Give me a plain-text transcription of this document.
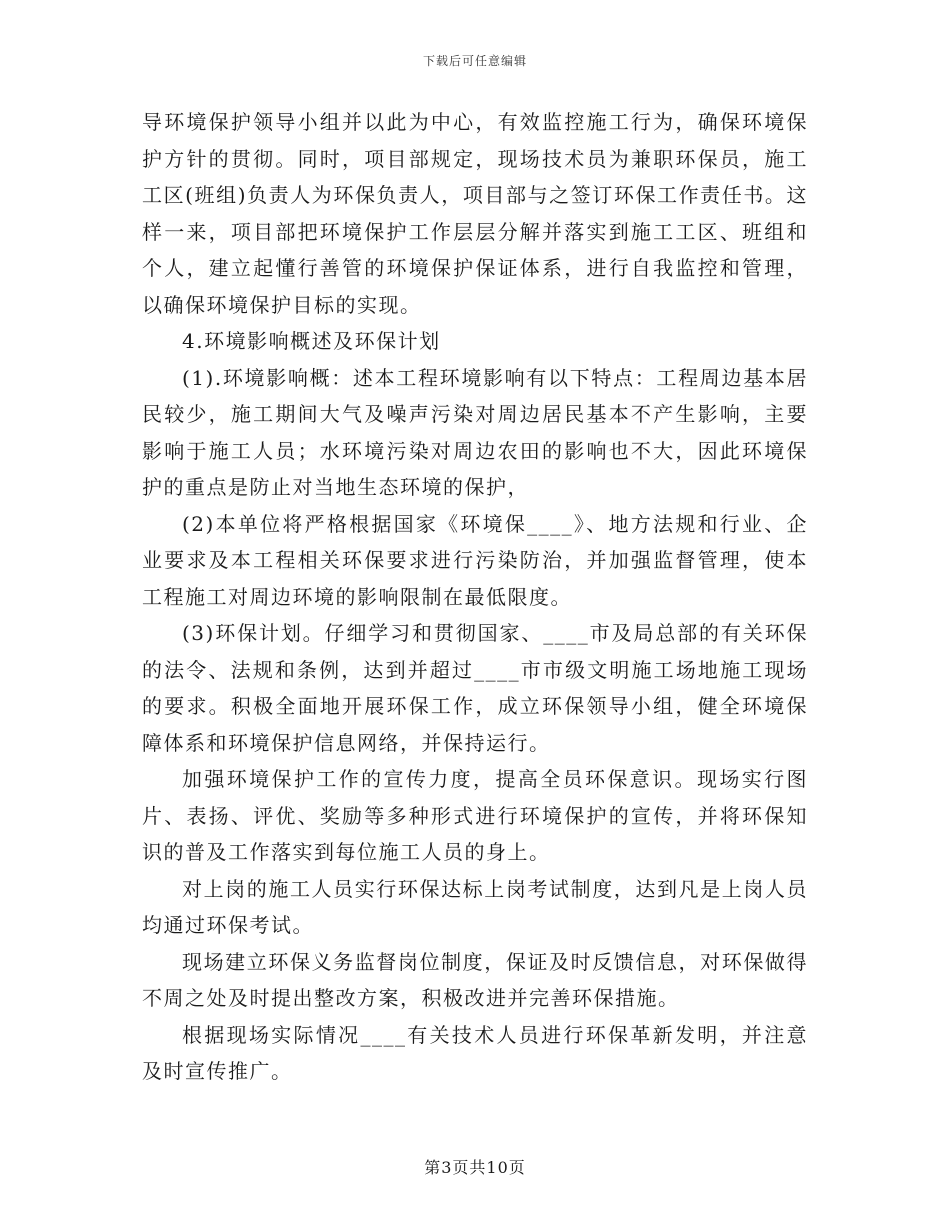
下载后可任意编辑

导环境保护领导小组并以此为中心，有效监控施工行为，确保环境保护方针的贯彻。同时，项目部规定，现场技术员为兼职环保员，施工工区(班组)负责人为环保负责人，项目部与之签订环保工作责任书。这样一来，项目部把环境保护工作层层分解并落实到施工工区、班组和个人，建立起懂行善管的环境保护保证体系，进行自我监控和管理，以确保环境保护目标的实现。

4.环境影响概述及环保计划

(1).环境影响概：述本工程环境影响有以下特点：工程周边基本居民较少，施工期间大气及噪声污染对周边居民基本不产生影响，主要影响于施工人员；水环境污染对周边农田的影响也不大，因此环境保护的重点是防止对当地生态环境的保护，

(2)本单位将严格根据国家《环境保____》、地方法规和行业、企业要求及本工程相关环保要求进行污染防治，并加强监督管理，使本工程施工对周边环境的影响限制在最低限度。

(3)环保计划。仔细学习和贯彻国家、____市及局总部的有关环保的法令、法规和条例，达到并超过____市市级文明施工场地施工现场的要求。积极全面地开展环保工作，成立环保领导小组，健全环境保障体系和环境保护信息网络，并保持运行。

加强环境保护工作的宣传力度，提高全员环保意识。现场实行图片、表扬、评优、奖励等多种形式进行环境保护的宣传，并将环保知识的普及工作落实到每位施工人员的身上。

对上岗的施工人员实行环保达标上岗考试制度，达到凡是上岗人员均通过环保考试。

现场建立环保义务监督岗位制度，保证及时反馈信息，对环保做得不周之处及时提出整改方案，积极改进并完善环保措施。

根据现场实际情况____有关技术人员进行环保革新发明，并注意及时宣传推广。

第3页共10页
